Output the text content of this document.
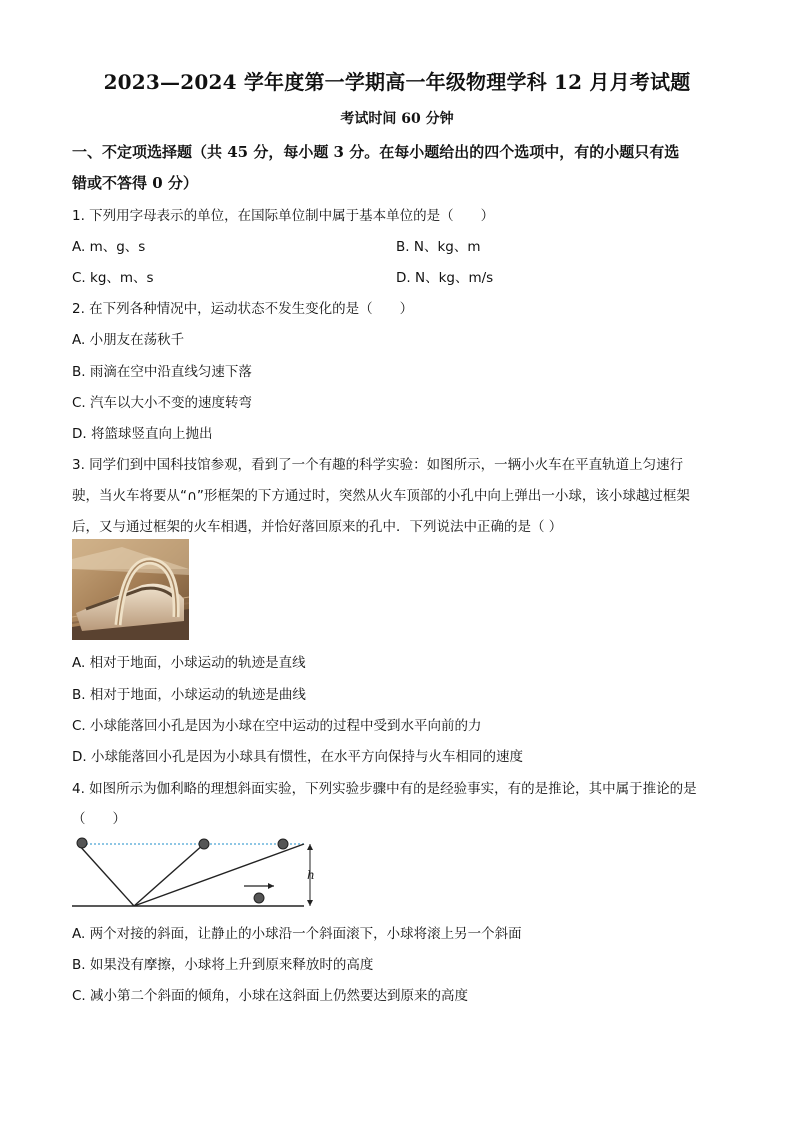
2023—2024 学年度第一学期高一年级物理学科 12 月月考试题
考试时间 60 分钟
一、不定项选择题（共 45 分，每小题 3 分。在每小题给出的四个选项中，有的小题只有选
错或不答得 0 分）
1. 下列用字母表示的单位，在国际单位制中属于基本单位的是（　　）
A. m、g、s	B. N、kg、m
C. kg、m、s	D. N、kg、m/s
2. 在下列各种情况中，运动状态不发生变化的是（　　）
A. 小朋友在荡秋千
B. 雨滴在空中沿直线匀速下落
C. 汽车以大小不变的速度转弯
D. 将篮球竖直向上抛出
3. 同学们到中国科技馆参观，看到了一个有趣的科学实验：如图所示，一辆小火车在平直轨道上匀速行
驶，当火车将要从“∩”形框架的下方通过时，突然从火车顶部的小孔中向上弹出一小球，该小球越过框架
后，又与通过框架的火车相遇，并恰好落回原来的孔中．下列说法中正确的是（ ）
A. 相对于地面，小球运动的轨迹是直线
B. 相对于地面，小球运动的轨迹是曲线
C. 小球能落回小孔是因为小球在空中运动的过程中受到水平向前的力
D. 小球能落回小孔是因为小球具有惯性，在水平方向保持与火车相同的速度
4. 如图所示为伽利略的理想斜面实验，下列实验步骤中有的是经验事实，有的是推论，其中属于推论的是
（　　）
h
A. 两个对接的斜面，让静止的小球沿一个斜面滚下，小球将滚上另一个斜面
B. 如果没有摩擦，小球将上升到原来释放时的高度
C. 减小第二个斜面的倾角，小球在这斜面上仍然要达到原来的高度
